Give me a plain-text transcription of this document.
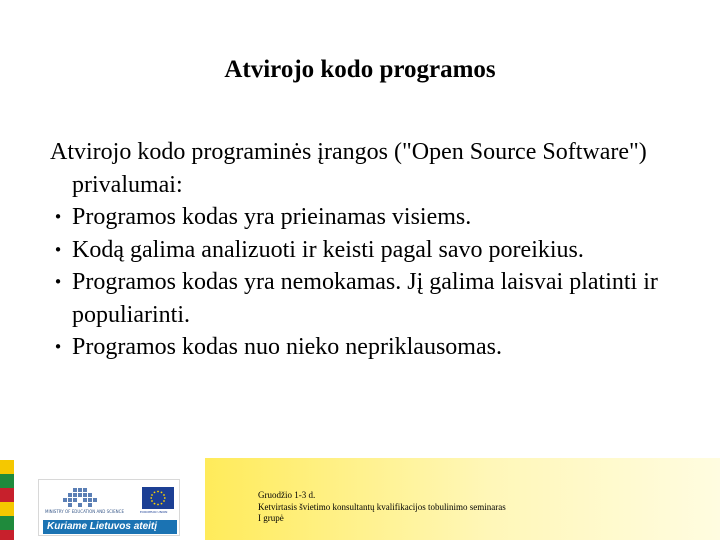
Atvirojo kodo programos

Atvirojo kodo programinės įrangos ("Open Source Software") privalumai:

• Programos kodas yra prieinamas visiems.
• Kodą galima analizuoti ir keisti pagal savo poreikius.
• Programos kodas yra nemokamas. Jį galima laisvai platinti ir populiarinti.
• Programos kodas nuo nieko nepriklausomas.
MINISTRY OF EDUCATION AND SCIENCE	EUROPEAN UNION
Kuriame Lietuvos ateitį
Gruodžio 1-3 d.
Ketvirtasis švietimo konsultantų kvalifikacijos tobulinimo seminaras
I grupė
